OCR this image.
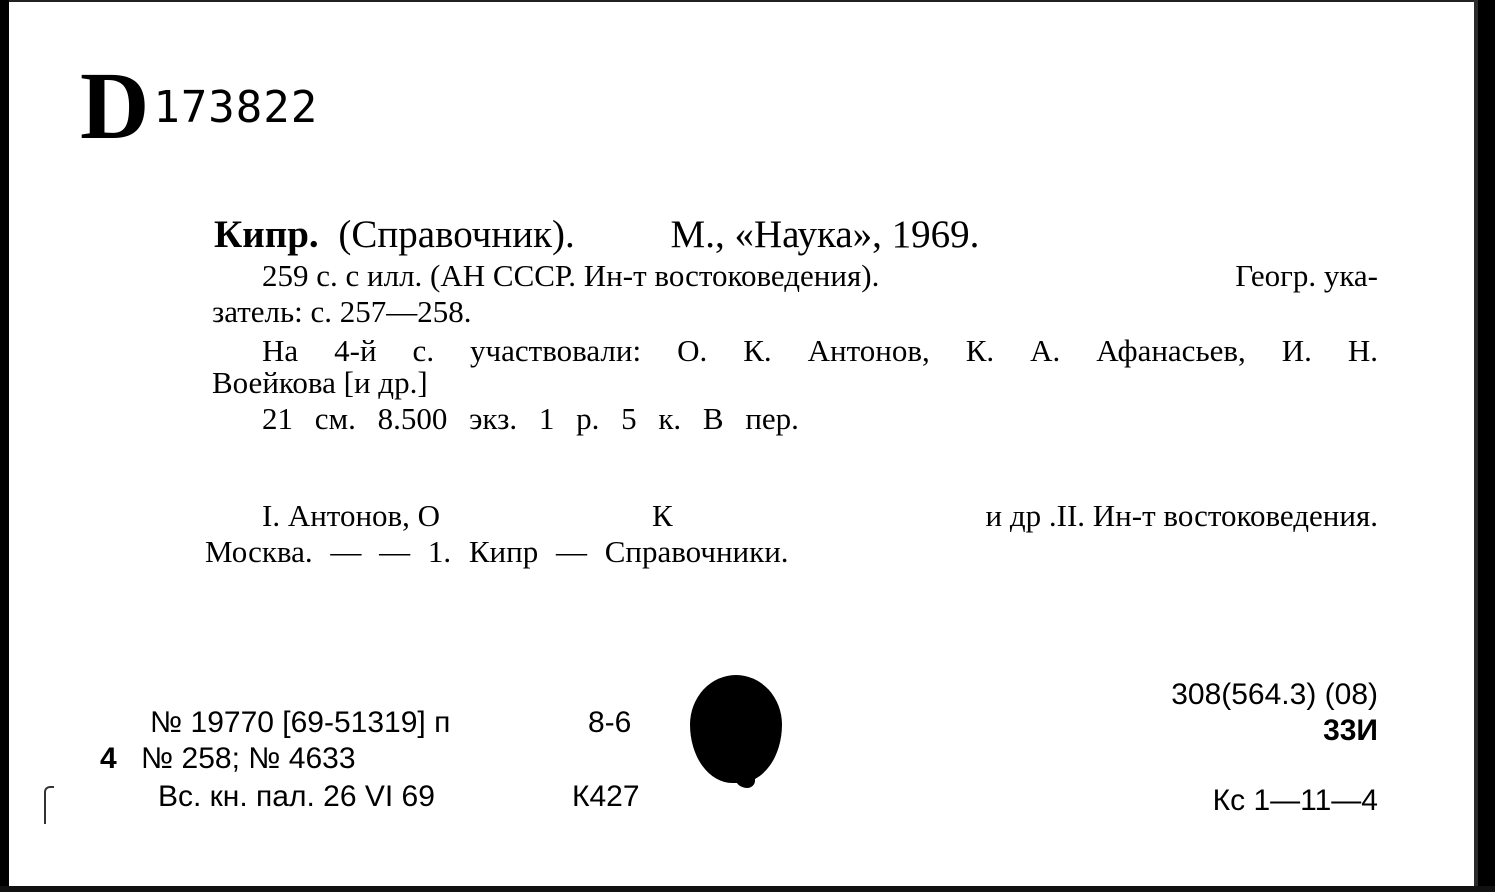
D 173822
Кипр. (Справочник). М., «Наука», 1969.
259 с. с илл. (АН СССР. Ин-т востоковедения).	Геогр. ука-
затель: с. 257—258.
На 4-й с. участвовали: О. К. Антонов, К. А. Афанасьев, И. Н.
Воейкова [и др.]
21 см. 8.500 экз. 1 р. 5 к. В пер.
I. Антонов, О	К	и др .II. Ин-т востоковедения.
Москва. — — 1. Кипр — Справочники.
№ 19770 [69-51319] п	8-6
4 № 258; № 4633
Вс. кн. пал. 26 VI 69	К427
308(564.3) (08)
33И
Кс 1—11—4
